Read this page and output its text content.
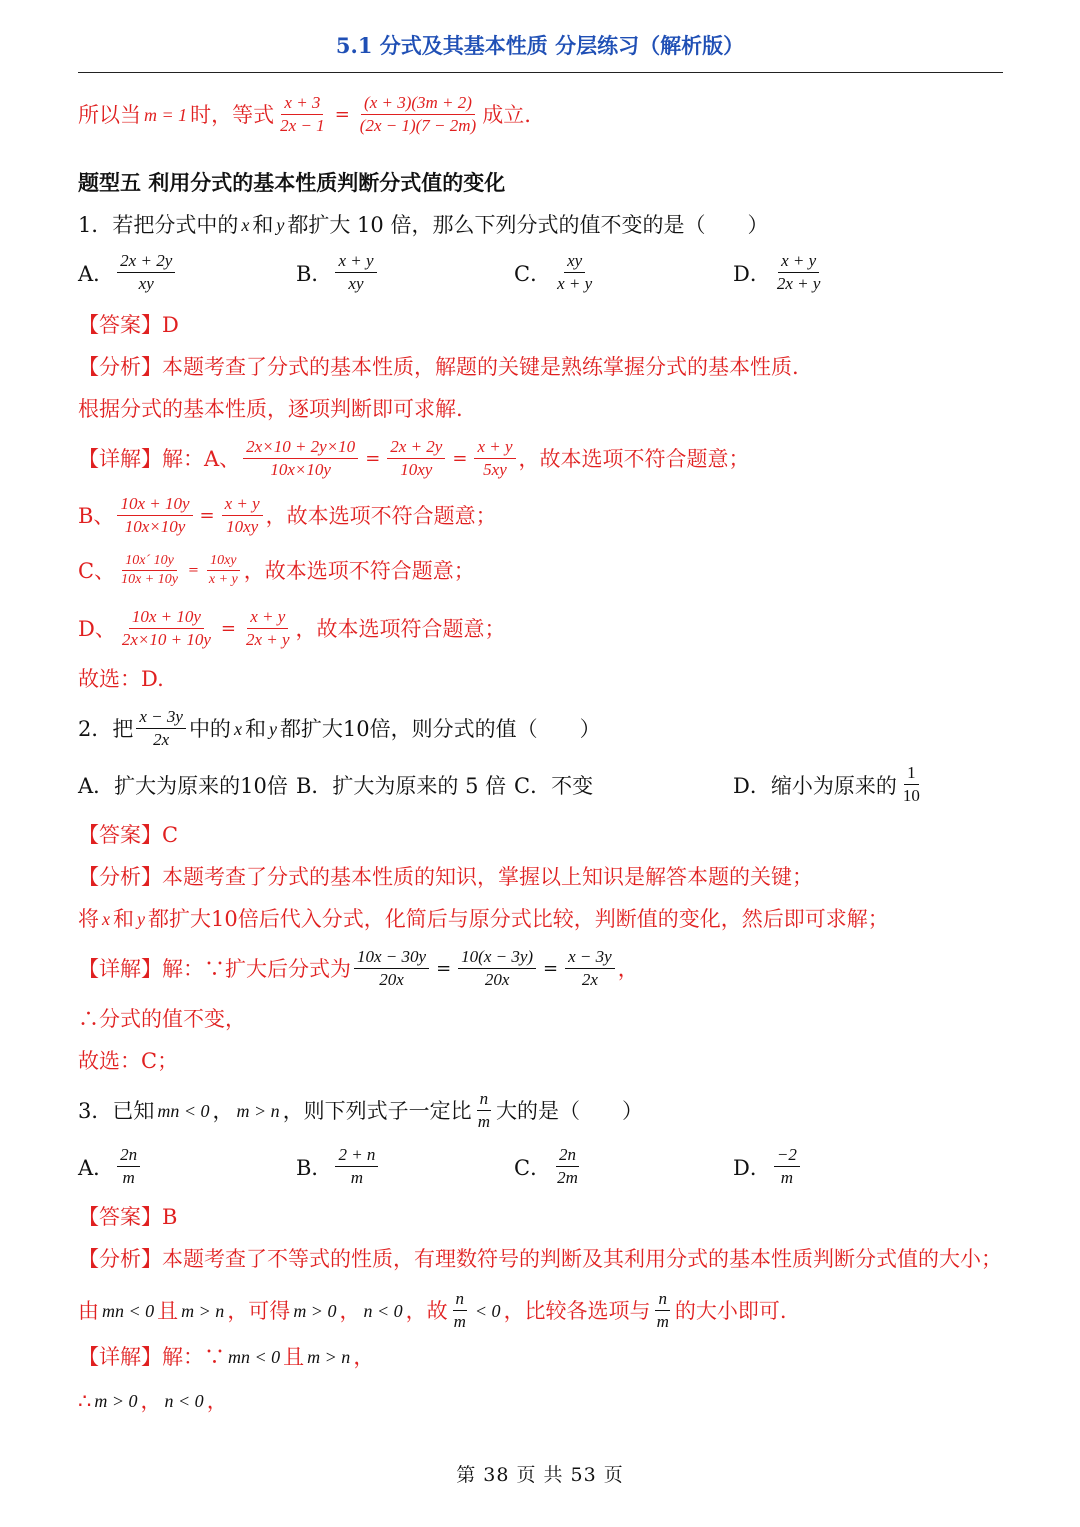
5.1 分式及其基本性质 分层练习（解析版）
所以当 m = 1 时，等式 $\frac{x + 3}{2x - 1} = \frac{(x + 3)(3m + 2)}{(2x - 1)(7 - 2m)}$ 成立.
题型五 利用分式的基本性质判断分式值的变化
1．若把分式中的 x 和 y 都扩大 10 倍，那么下列分式的值不变的是（　　）
A． $\frac{2x + 2y}{xy}$	B． $\frac{x + y}{xy}$	C． $\frac{xy}{x + y}$	D． $\frac{x + y}{2x + y}$
【答案】D
【分析】 本题考查了分式的基本性质，解题的关键是熟练掌握分式的基本性质.
根据分式的基本性质，逐项判断即可求解.
【详解】 解：A、 $\frac{2x\times 10 + 2y\times 10}{10x\times 10y} = \frac{2x + 2y}{10xy} = \frac{x + y}{5xy}$ ，故本选项不符合题意；
B、 $\frac{10x + 10y}{10x\times 10y} = \frac{x + y}{10xy}$ ，故本选项不符合题意；
C、 $\frac{10x´ 10y}{10x + 10y} = \frac{10xy}{x + y}$ ，故本选项不符合题意；
D、 $\frac{10x + 10y}{2x\times 10 + 10y} = \frac{x + y}{2x + y}$ ，故本选项符合题意；
故选：D.
2．把 $\frac{x - 3y}{2x}$ 中的 x 和 y 都扩大10倍，则分式的值（　　）
A．扩大为原来的10倍 B．扩大为原来的 5 倍 C．不变	D．缩小为原来的 $\frac{1}{10}$
【答案】C
【分析】 本题考查了分式的基本性质的知识，掌握以上知识是解答本题的关键；
将 x 和 y 都扩大10倍后代入分式，化简后与原分式比较，判断值的变化，然后即可求解；
【详解】 解：∵扩大后分式为 $\frac{10x - 30y}{20x} = \frac{10(x - 3y)}{20x} = \frac{x - 3y}{2x}$ ，
∴分式的值不变，
故选：C；
3．已知 mn < 0 ， m > n ，则下列式子一定比 $\frac{n}{m}$ 大的是（　　）
A． $\frac{2n}{m}$	B． $\frac{2 + n}{m}$	C． $\frac{2n}{2m}$	D． $\frac{-2}{m}$
【答案】B
【分析】 本题考查了不等式的性质，有理数符号的判断及其利用分式的基本性质判断分式值的大小；
由 mn < 0 且 m > n ，可得 m > 0 ， n < 0 ，故 $\frac{n}{m} < 0$ ，比较各选项与 $\frac{n}{m}$ 的大小即可.
【详解】 解：∵ mn < 0 且 m > n ，
∴ m > 0 ， n < 0 ，
第 38 页 共 53 页
